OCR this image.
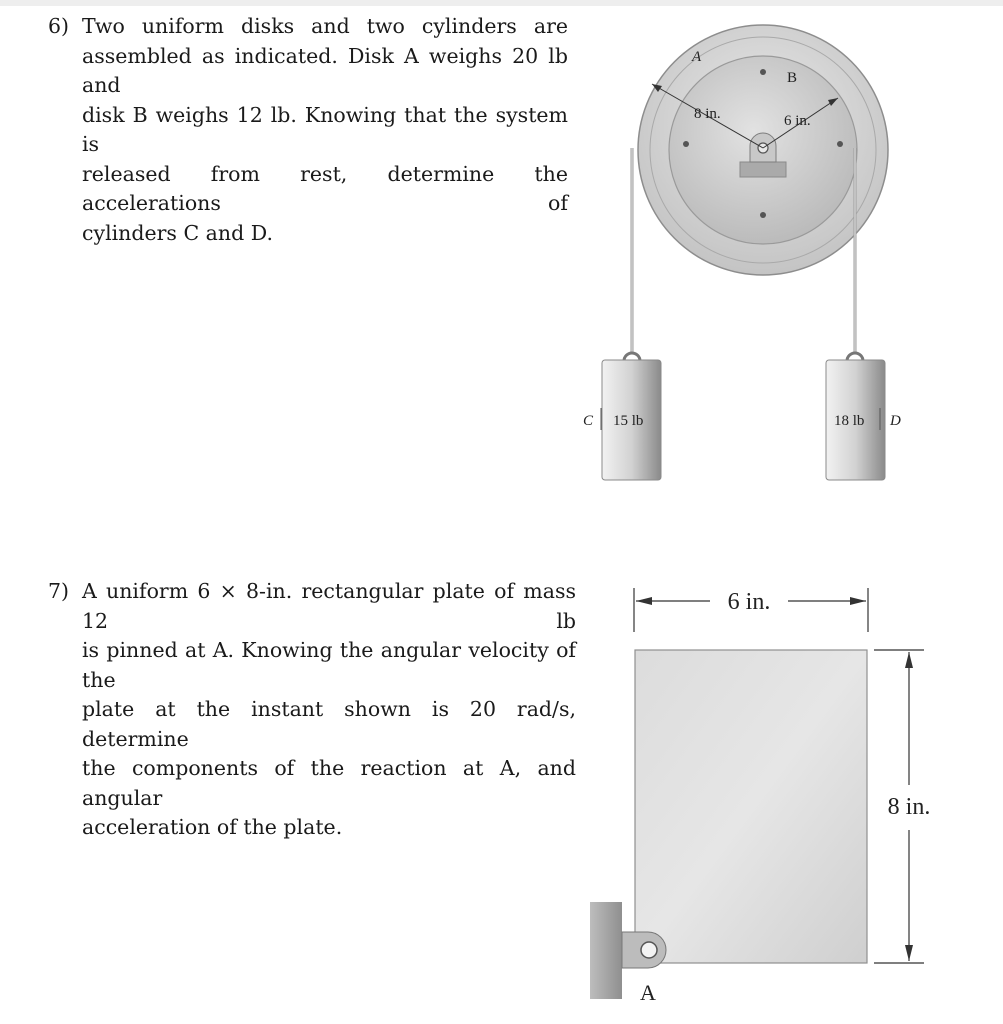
6) Two uniform disks and two cylinders are
assembled as indicated. Disk A weighs 20 lb and
disk B weighs 12 lb. Knowing that the system is
released from rest, determine the accelerations of
cylinders C and D.
7) A uniform 6 × 8-in. rectangular plate of mass 12 lb
is pinned at A. Knowing the angular velocity of the
plate at the instant shown is 20 rad/s, determine
the components of the reaction at A, and angular
acceleration of the plate.
A
B
8 in.	6 in.
C 15 lb	18 lb D
6 in.
8 in.
A
